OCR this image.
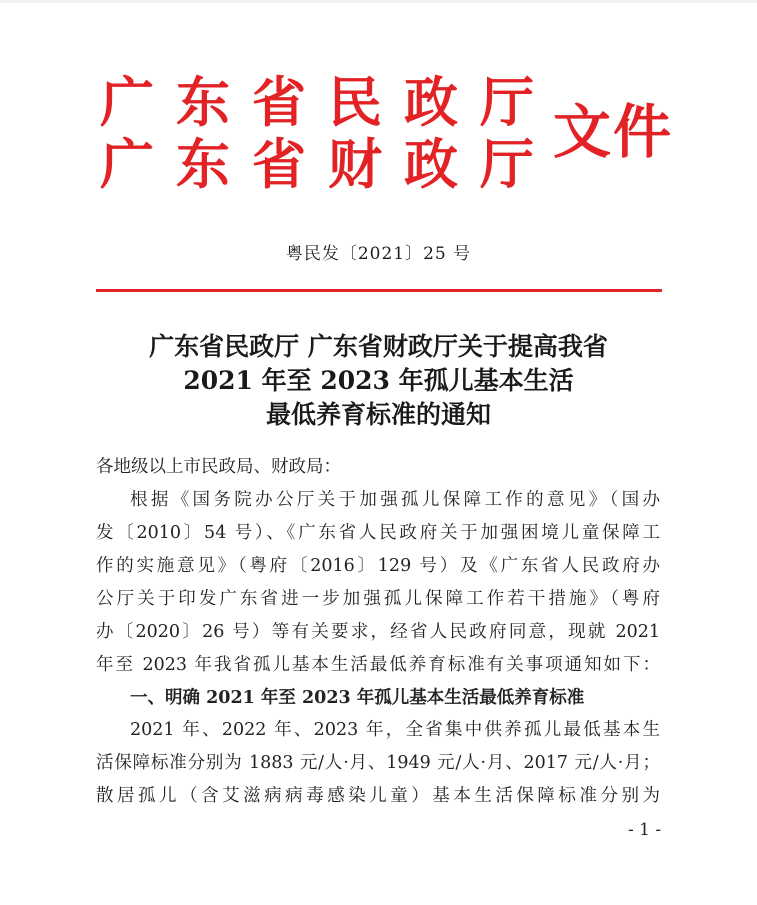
广东省民政厅
广东省财政厅
文件
粤民发〔2021〕25 号
广东省民政厅 广东省财政厅关于提高我省
2021 年至 2023 年孤儿基本生活
最低养育标准的通知
各地级以上市民政局、财政局：
根据《国务院办公厅关于加强孤儿保障工作的意见》（国办
发〔2010〕54 号）、《广东省人民政府关于加强困境儿童保障工
作的实施意见》（粤府〔2016〕129 号）及《广东省人民政府办
公厅关于印发广东省进一步加强孤儿保障工作若干措施》（粤府
办〔2020〕26 号）等有关要求，经省人民政府同意，现就 2021
年至 2023 年我省孤儿基本生活最低养育标准有关事项通知如下：
一、明确 2021 年至 2023 年孤儿基本生活最低养育标准
2021 年、2022 年、2023 年，全省集中供养孤儿最低基本生
活保障标准分别为 1883 元/人·月、1949 元/人·月、2017 元/人·月；
散居孤儿（含艾滋病病毒感染儿童）基本生活保障标准分别为
- 1 -
